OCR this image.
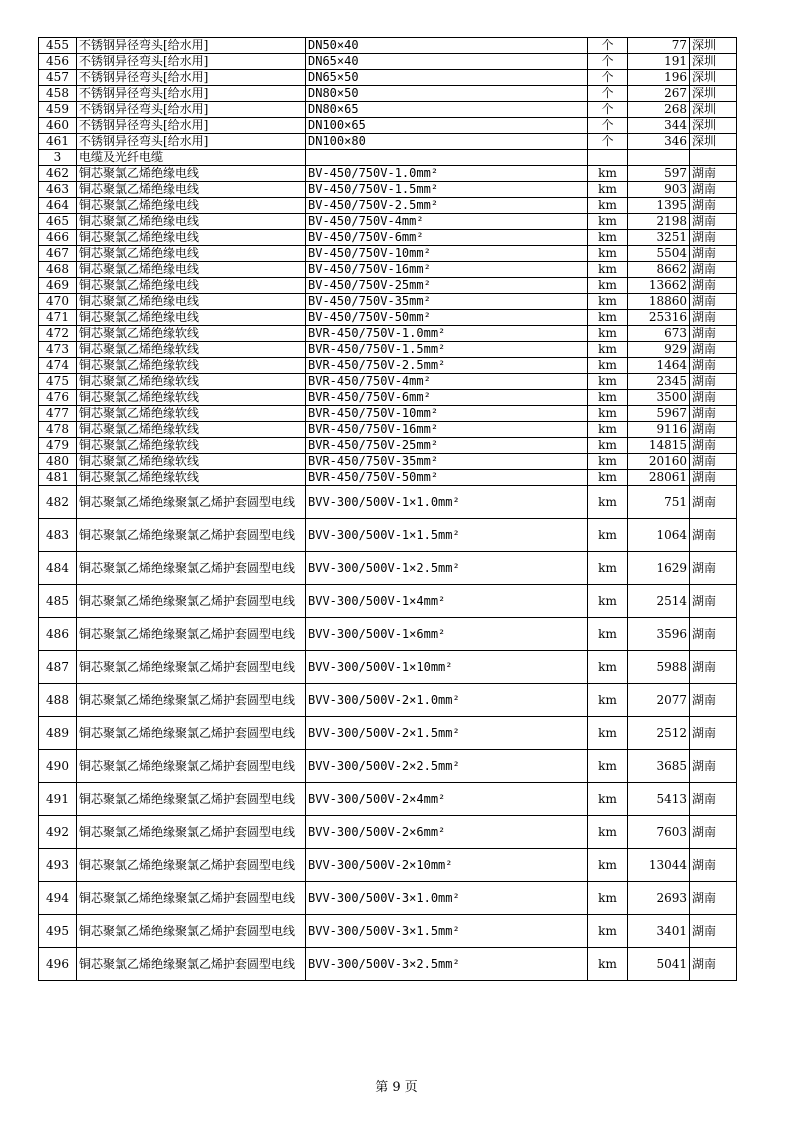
455	不锈钢异径弯头[给水用]	DN50×40	个	77	深圳
456	不锈钢异径弯头[给水用]	DN65×40	个	191	深圳
457	不锈钢异径弯头[给水用]	DN65×50	个	196	深圳
458	不锈钢异径弯头[给水用]	DN80×50	个	267	深圳
459	不锈钢异径弯头[给水用]	DN80×65	个	268	深圳
460	不锈钢异径弯头[给水用]	DN100×65	个	344	深圳
461	不锈钢异径弯头[给水用]	DN100×80	个	346	深圳
3	电缆及光纤电缆				
462	铜芯聚氯乙烯绝缘电线	BV-450/750V-1.0mm²	km	597	湖南
463	铜芯聚氯乙烯绝缘电线	BV-450/750V-1.5mm²	km	903	湖南
464	铜芯聚氯乙烯绝缘电线	BV-450/750V-2.5mm²	km	1395	湖南
465	铜芯聚氯乙烯绝缘电线	BV-450/750V-4mm²	km	2198	湖南
466	铜芯聚氯乙烯绝缘电线	BV-450/750V-6mm²	km	3251	湖南
467	铜芯聚氯乙烯绝缘电线	BV-450/750V-10mm²	km	5504	湖南
468	铜芯聚氯乙烯绝缘电线	BV-450/750V-16mm²	km	8662	湖南
469	铜芯聚氯乙烯绝缘电线	BV-450/750V-25mm²	km	13662	湖南
470	铜芯聚氯乙烯绝缘电线	BV-450/750V-35mm²	km	18860	湖南
471	铜芯聚氯乙烯绝缘电线	BV-450/750V-50mm²	km	25316	湖南
472	铜芯聚氯乙烯绝缘软线	BVR-450/750V-1.0mm²	km	673	湖南
473	铜芯聚氯乙烯绝缘软线	BVR-450/750V-1.5mm²	km	929	湖南
474	铜芯聚氯乙烯绝缘软线	BVR-450/750V-2.5mm²	km	1464	湖南
475	铜芯聚氯乙烯绝缘软线	BVR-450/750V-4mm²	km	2345	湖南
476	铜芯聚氯乙烯绝缘软线	BVR-450/750V-6mm²	km	3500	湖南
477	铜芯聚氯乙烯绝缘软线	BVR-450/750V-10mm²	km	5967	湖南
478	铜芯聚氯乙烯绝缘软线	BVR-450/750V-16mm²	km	9116	湖南
479	铜芯聚氯乙烯绝缘软线	BVR-450/750V-25mm²	km	14815	湖南
480	铜芯聚氯乙烯绝缘软线	BVR-450/750V-35mm²	km	20160	湖南
481	铜芯聚氯乙烯绝缘软线	BVR-450/750V-50mm²	km	28061	湖南
482	铜芯聚氯乙烯绝缘聚氯乙烯护套圆型电线	BVV-300/500V-1×1.0mm²	km	751	湖南
483	铜芯聚氯乙烯绝缘聚氯乙烯护套圆型电线	BVV-300/500V-1×1.5mm²	km	1064	湖南
484	铜芯聚氯乙烯绝缘聚氯乙烯护套圆型电线	BVV-300/500V-1×2.5mm²	km	1629	湖南
485	铜芯聚氯乙烯绝缘聚氯乙烯护套圆型电线	BVV-300/500V-1×4mm²	km	2514	湖南
486	铜芯聚氯乙烯绝缘聚氯乙烯护套圆型电线	BVV-300/500V-1×6mm²	km	3596	湖南
487	铜芯聚氯乙烯绝缘聚氯乙烯护套圆型电线	BVV-300/500V-1×10mm²	km	5988	湖南
488	铜芯聚氯乙烯绝缘聚氯乙烯护套圆型电线	BVV-300/500V-2×1.0mm²	km	2077	湖南
489	铜芯聚氯乙烯绝缘聚氯乙烯护套圆型电线	BVV-300/500V-2×1.5mm²	km	2512	湖南
490	铜芯聚氯乙烯绝缘聚氯乙烯护套圆型电线	BVV-300/500V-2×2.5mm²	km	3685	湖南
491	铜芯聚氯乙烯绝缘聚氯乙烯护套圆型电线	BVV-300/500V-2×4mm²	km	5413	湖南
492	铜芯聚氯乙烯绝缘聚氯乙烯护套圆型电线	BVV-300/500V-2×6mm²	km	7603	湖南
493	铜芯聚氯乙烯绝缘聚氯乙烯护套圆型电线	BVV-300/500V-2×10mm²	km	13044	湖南
494	铜芯聚氯乙烯绝缘聚氯乙烯护套圆型电线	BVV-300/500V-3×1.0mm²	km	2693	湖南
495	铜芯聚氯乙烯绝缘聚氯乙烯护套圆型电线	BVV-300/500V-3×1.5mm²	km	3401	湖南
496	铜芯聚氯乙烯绝缘聚氯乙烯护套圆型电线	BVV-300/500V-3×2.5mm²	km	5041	湖南
第 9 页
